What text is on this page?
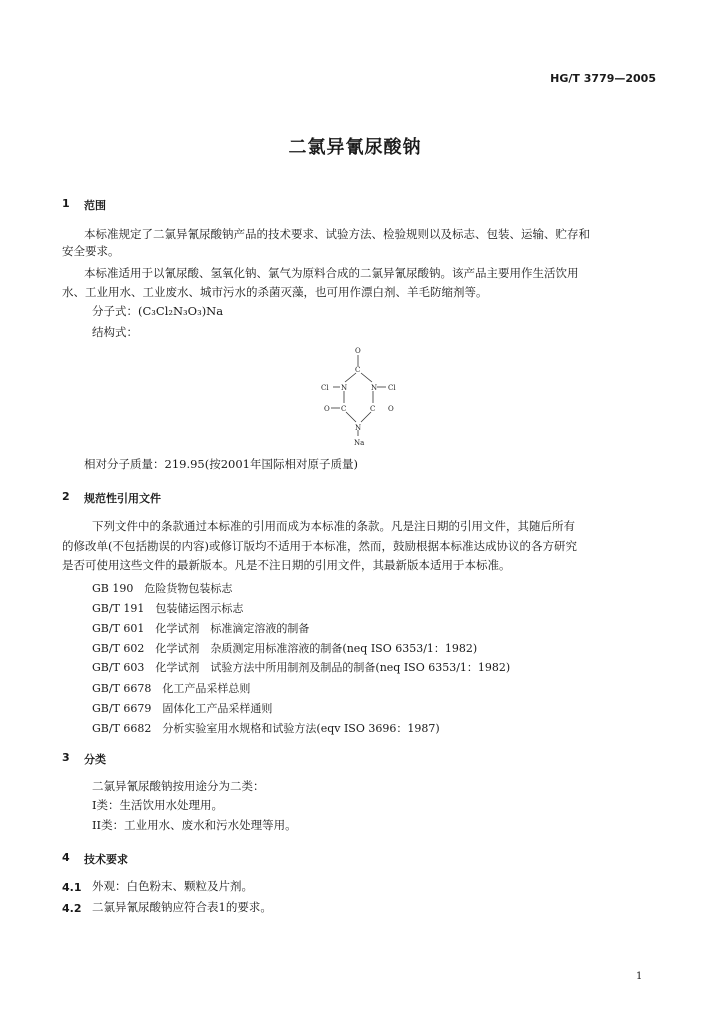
HG/T 3779—2005
二氯异氰尿酸钠
1 范围
本标准规定了二氯异氰尿酸钠产品的技术要求、试验方法、检验规则以及标志、包装、运输、贮存和
安全要求。
本标准适用于以氰尿酸、氢氧化钠、氯气为原料合成的二氯异氰尿酸钠。该产品主要用作生活饮用
水、工业用水、工业废水、城市污水的杀菌灭藻，也可用作漂白剂、羊毛防缩剂等。
分子式：(C₃Cl₂N₃O₃)Na
结构式：
O
C
Cl N	N Cl
O C	C O
N
Na
相对分子质量：219.95(按2001年国际相对原子质量)
2 规范性引用文件
下列文件中的条款通过本标准的引用而成为本标准的条款。凡是注日期的引用文件，其随后所有
的修改单(不包括勘误的内容)或修订版均不适用于本标准，然而，鼓励根据本标准达成协议的各方研究
是否可使用这些文件的最新版本。凡是不注日期的引用文件，其最新版本适用于本标准。
GB 190　危险货物包装标志
GB/T 191　包装储运图示标志
GB/T 601　化学试剂　标准滴定溶液的制备
GB/T 602　化学试剂　杂质测定用标准溶液的制备(neq ISO 6353/1：1982)
GB/T 603　化学试剂　试验方法中所用制剂及制品的制备(neq ISO 6353/1：1982)
GB/T 6678　化工产品采样总则
GB/T 6679　固体化工产品采样通则
GB/T 6682　分析实验室用水规格和试验方法(eqv ISO 3696：1987)
3 分类
二氯异氰尿酸钠按用途分为二类：
I类：生活饮用水处理用。
II类：工业用水、废水和污水处理等用。
4 技术要求
4.1 外观：白色粉末、颗粒及片剂。
4.2 二氯异氰尿酸钠应符合表1的要求。
1
